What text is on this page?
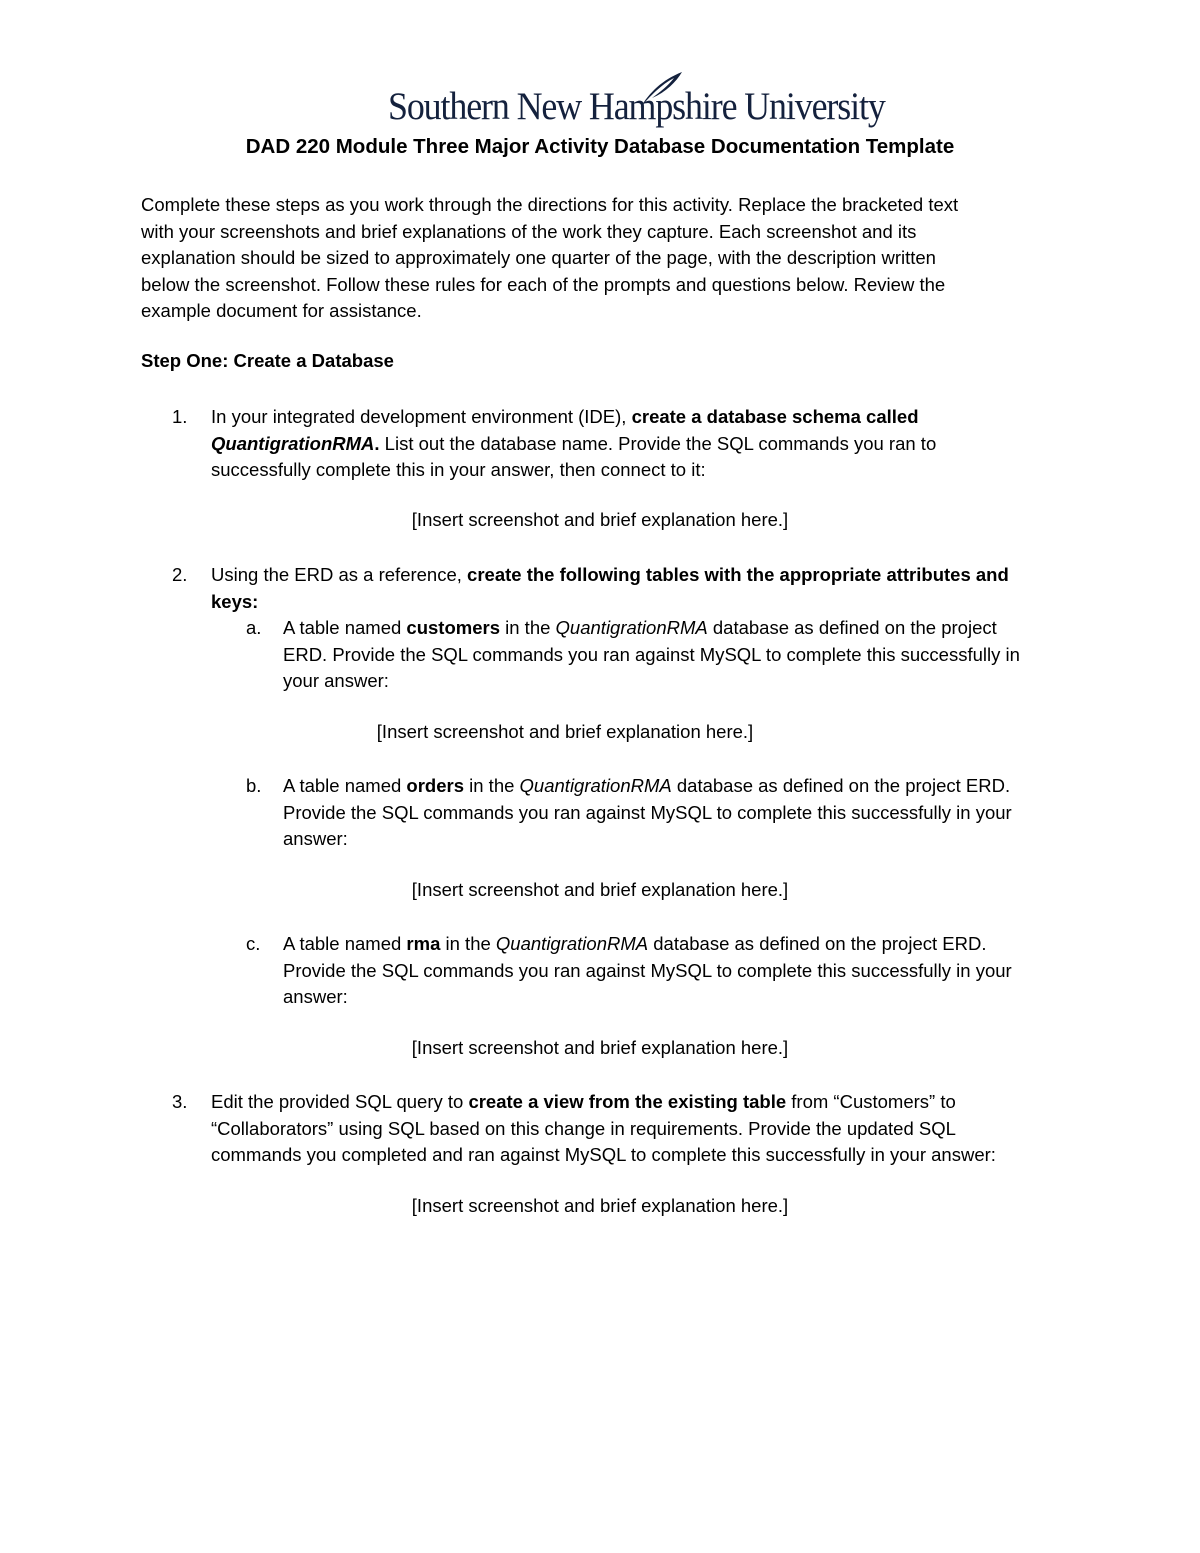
Southern New Hampshire University
DAD 220 Module Three Major Activity Database Documentation Template

Complete these steps as you work through the directions for this activity. Replace the bracketed text

with your screenshots and brief explanations of the work they capture. Each screenshot and its

explanation should be sized to approximately one quarter of the page, with the description written

below the screenshot. Follow these rules for each of the prompts and questions below. Review the

example document for assistance.

Step One: Create a Database
1. In your integrated development environment (IDE), create a database schema called
QuantigrationRMA. List out the database name. Provide the SQL commands you ran to
successfully complete this in your answer, then connect to it:
[Insert screenshot and brief explanation here.]
2. Using the ERD as a reference, create the following tables with the appropriate attributes and
keys:
a. A table named customers in the QuantigrationRMA database as defined on the project
ERD. Provide the SQL commands you ran against MySQL to complete this successfully in
your answer:
[Insert screenshot and brief explanation here.]
b. A table named orders in the QuantigrationRMA database as defined on the project ERD.
Provide the SQL commands you ran against MySQL to complete this successfully in your
answer:
[Insert screenshot and brief explanation here.]
c. A table named rma in the QuantigrationRMA database as defined on the project ERD.
Provide the SQL commands you ran against MySQL to complete this successfully in your
answer:
[Insert screenshot and brief explanation here.]
3. Edit the provided SQL query to create a view from the existing table from “Customers” to
“Collaborators” using SQL based on this change in requirements. Provide the updated SQL
commands you completed and ran against MySQL to complete this successfully in your answer:
[Insert screenshot and brief explanation here.]
